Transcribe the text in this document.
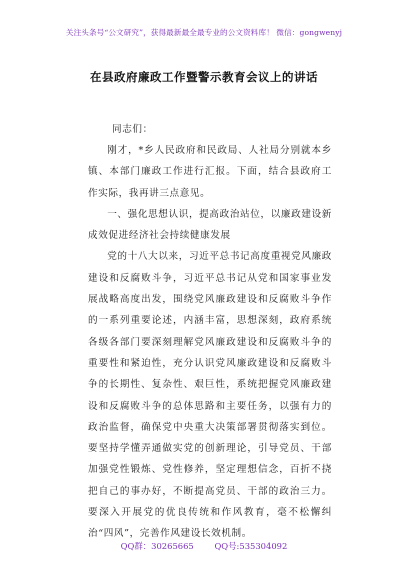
关注头条号“公文研究”，获得最新最全最专业的公文资料库！ 微信：gongwenyj
在县政府廉政工作暨警示教育会议上的讲话
同志们：

刚才，*乡人民政府和民政局、人社局分别就本乡镇、本部门廉政工作进行汇报。下面，结合县政府工作实际，我再讲三点意见。

一、强化思想认识，提高政治站位，以廉政建设新成效促进经济社会持续健康发展

党的十八大以来，习近平总书记高度重视党风廉政建设和反腐败斗争，习近平总书记从党和国家事业发展战略高度出发，围绕党风廉政建设和反腐败斗争作的一系列重要论述，内涵丰富，思想深刻，政府系统各级各部门要深刻理解党风廉政建设和反腐败斗争的重要性和紧迫性，充分认识党风廉政建设和反腐败斗争的长期性、复杂性、艰巨性，系统把握党风廉政建设和反腐败斗争的总体思路和主要任务，以强有力的政治监督，确保党中央重大决策部署贯彻落实到位。要坚持学懂弄通做实党的创新理论，引导党员、干部加强党性锻炼、党性修养，坚定理想信念，百折不挠把自己的事办好，不断提高党员、干部的政治三力。要深入开展党的优良传统和作风教育，毫不松懈纠治“四风”，完善作风建设长效机制。

QQ群：30265665 QQ号:535304092
